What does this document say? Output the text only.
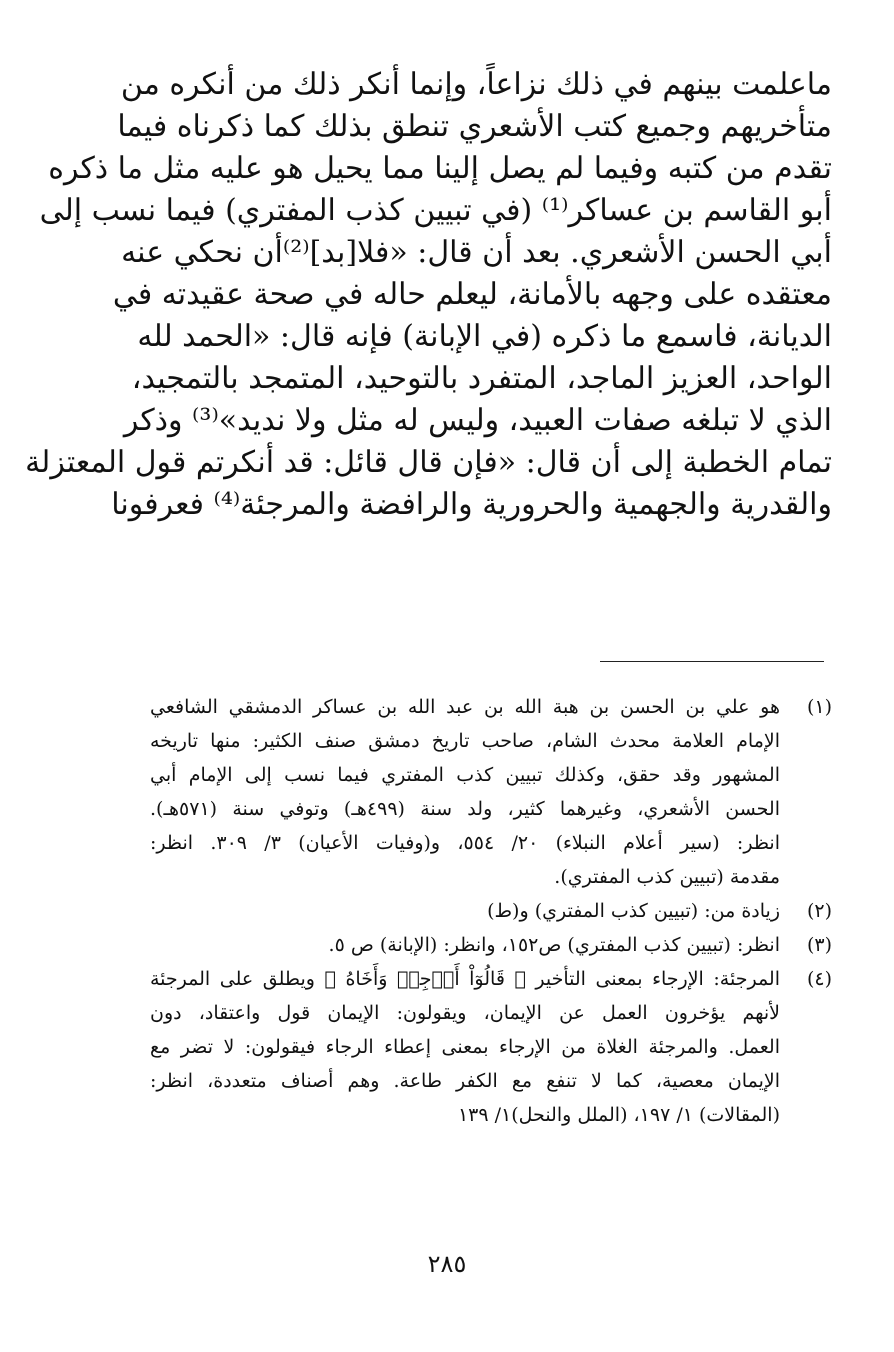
ماعلمت بينهم في ذلك نزاعاً، وإنما أنكر ذلك من أنكره من
متأخريهم وجميع كتب الأشعري تنطق بذلك كما ذكرناه فيما
تقدم من كتبه وفيما لم يصل إلينا مما يحيل هو عليه مثل ما ذكره
أبو القاسم بن عساكر⁽¹⁾ (في تبيين كذب المفتري) فيما نسب إلى
أبي الحسن الأشعري. بعد أن قال: «فلا[بد]⁽²⁾أن نحكي عنه
معتقده على وجهه بالأمانة، ليعلم حاله في صحة عقيدته في
الديانة، فاسمع ما ذكره (في الإبانة) فإنه قال: «الحمد لله
الواحد، العزيز الماجد، المتفرد بالتوحيد، المتمجد بالتمجيد،
الذي لا تبلغه صفات العبيد، وليس له مثل ولا نديد»⁽³⁾ وذكر
تمام الخطبة إلى أن قال: «فإن قال قائل: قد أنكرتم قول المعتزلة
والقدرية والجهمية والحرورية والرافضة والمرجئة⁽⁴⁾ فعرفونا
(١)
هو علي بن الحسن بن هبة الله بن عبد الله بن عساكر الدمشقي الشافعي
الإمام العلامة محدث الشام، صاحب تاريخ دمشق صنف الكثير: منها تاريخه
المشهور وقد حقق، وكذلك تبيين كذب المفتري فيما نسب إلى الإمام أبي
الحسن الأشعري، وغيرهما كثير، ولد سنة (٤٩٩هـ) وتوفي سنة (٥٧١هـ).
انظر: (سير أعلام النبلاء) ٢٠/ ٥٥٤، و(وفيات الأعيان) ٣/ ٣٠٩. انظر:
مقدمة (تبيين كذب المفتري).
(٢)
زيادة من: (تبيين كذب المفتري) و(ط)
(٣)
انظر: (تبيين كذب المفتري) ص١٥٢، وانظر: (الإبانة) ص ٥.
(٤)
المرجئة: الإرجاء بمعنى التأخير ﴿ قَالُوٓاْ أَرۡجِهۡ وَأَخَاهُ ﴾ ويطلق على المرجئة
لأنهم يؤخرون العمل عن الإيمان، ويقولون: الإيمان قول واعتقاد، دون
العمل. والمرجئة الغلاة من الإرجاء بمعنى إعطاء الرجاء فيقولون: لا تضر مع
الإيمان معصية، كما لا تنفع مع الكفر طاعة. وهم أصناف متعددة، انظر:
(المقالات) ١/ ١٩٧، (الملل والنحل)١/ ١٣٩
٢٨٥
